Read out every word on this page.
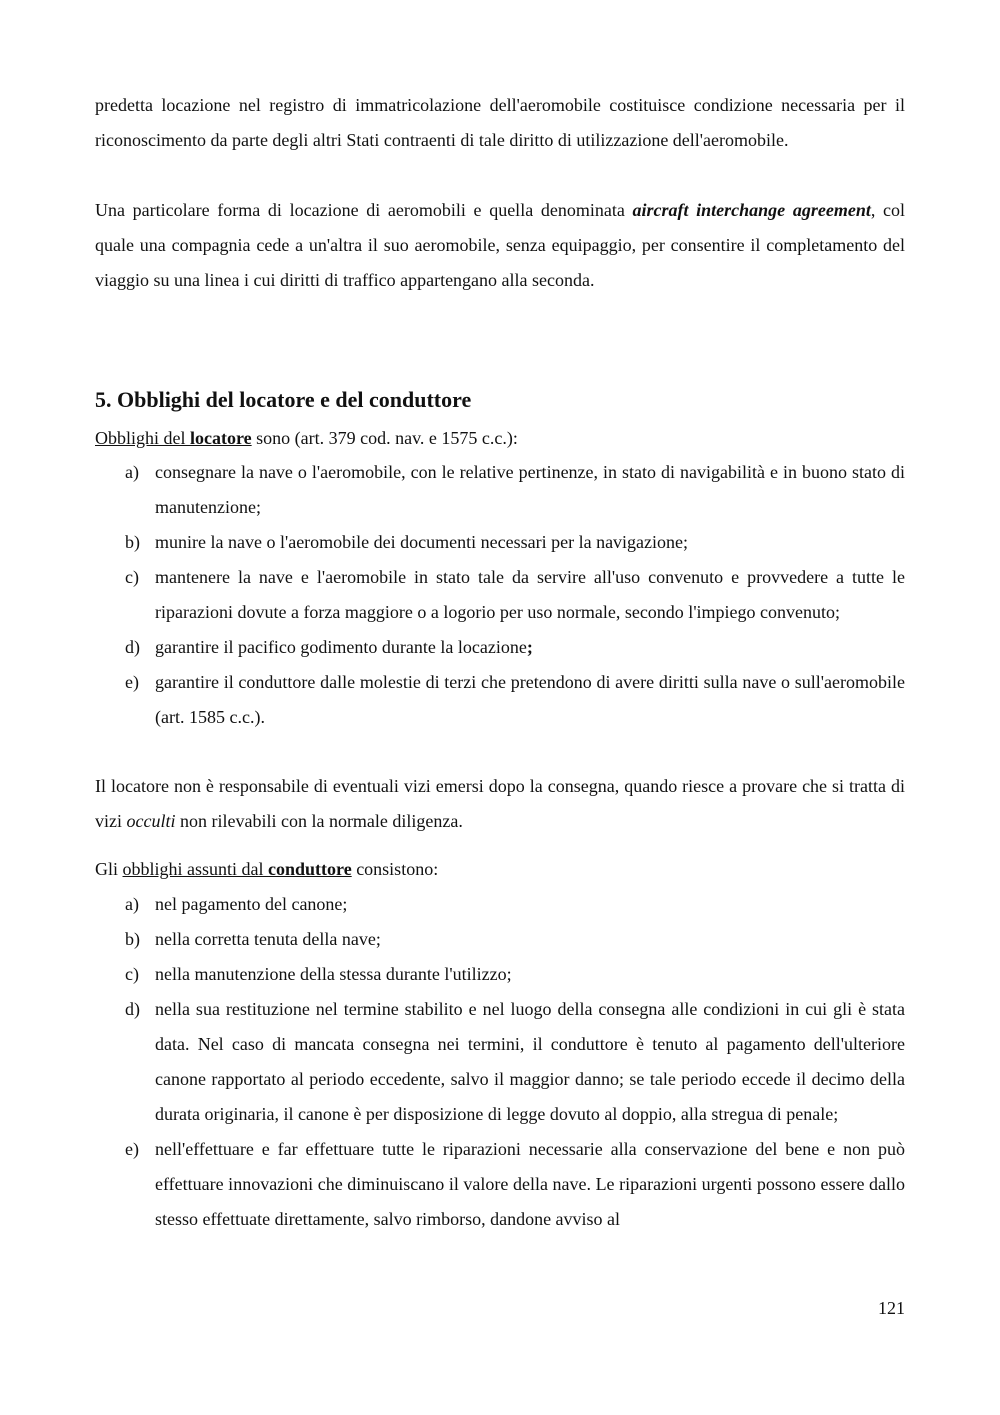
predetta locazione nel registro di immatricolazione dell'aeromobile costituisce condizione necessaria per il riconoscimento da parte degli altri Stati contraenti di tale diritto di utilizzazione dell'aeromobile.
Una particolare forma di locazione di aeromobili e quella denominata aircraft interchange agreement, col quale una compagnia cede a un'altra il suo aeromobile, senza equipaggio, per consentire il completamento del viaggio su una linea i cui diritti di traffico appartengano alla seconda.
5. Obblighi del locatore e del conduttore
Obblighi del locatore sono (art. 379 cod. nav. e 1575 c.c.):
a) consegnare la nave o l'aeromobile, con le relative pertinenze, in stato di navigabilità e in buono stato di manutenzione;
b) munire la nave o l'aeromobile dei documenti necessari per la navigazione;
c) mantenere la nave e l'aeromobile in stato tale da servire all'uso convenuto e provvedere a tutte le riparazioni dovute a forza maggiore o a logorio per uso normale, secondo l'impiego convenuto;
d) garantire il pacifico godimento durante la locazione;
e) garantire il conduttore dalle molestie di terzi che pretendono di avere diritti sulla nave o sull'aeromobile (art. 1585 c.c.).
Il locatore non è responsabile di eventuali vizi emersi dopo la consegna, quando riesce a provare che si tratta di vizi occulti non rilevabili con la normale diligenza.
Gli obblighi assunti dal conduttore consistono:
a) nel pagamento del canone;
b) nella corretta tenuta della nave;
c) nella manutenzione della stessa durante l'utilizzo;
d) nella sua restituzione nel termine stabilito e nel luogo della consegna alle condizioni in cui gli è stata data. Nel caso di mancata consegna nei termini, il conduttore è tenuto al pagamento dell'ulteriore canone rapportato al periodo eccedente, salvo il maggior danno; se tale periodo eccede il decimo della durata originaria, il canone è per disposizione di legge dovuto al doppio, alla stregua di penale;
e) nell'effettuare e far effettuare tutte le riparazioni necessarie alla conservazione del bene e non può effettuare innovazioni che diminuiscano il valore della nave. Le riparazioni urgenti possono essere dallo stesso effettuate direttamente, salvo rimborso, dandone avviso al
121
